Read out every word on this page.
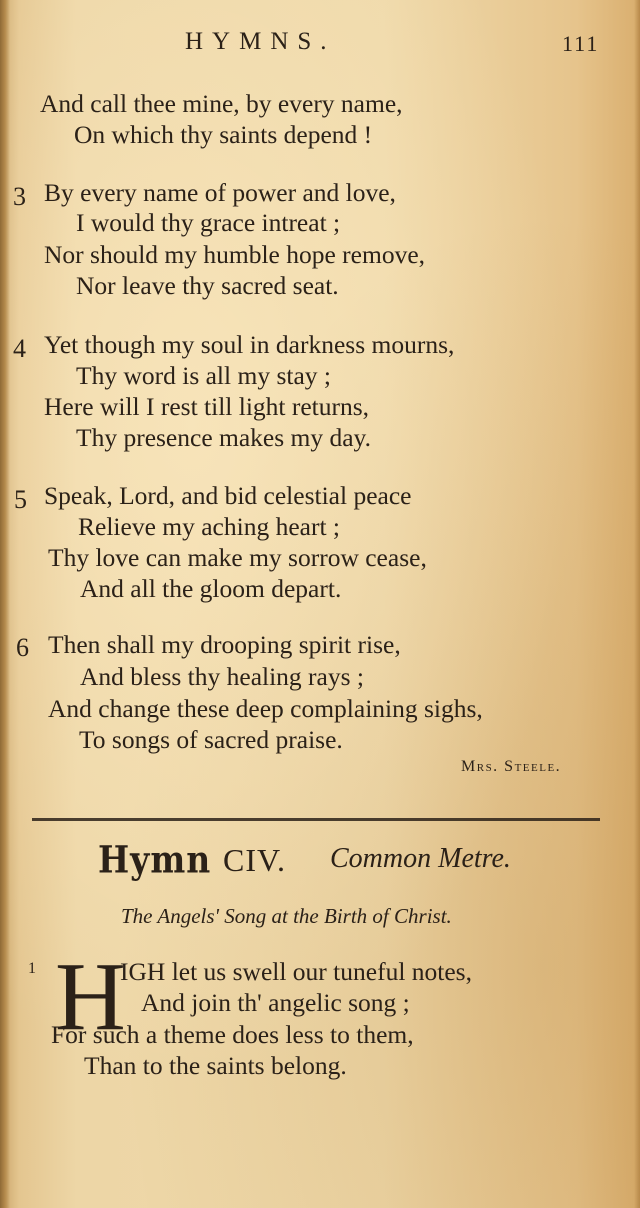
HYMNS.	111
And call thee mine, by every name,
On which thy saints depend !
3 By every name of power and love,
I would thy grace intreat ;
Nor should my humble hope remove,
Nor leave thy sacred seat.
4 Yet though my soul in darkness mourns,
Thy word is all my stay ;
Here will I rest till light returns,
Thy presence makes my day.
5 Speak, Lord, and bid celestial peace
Relieve my aching heart ;
Thy love can make my sorrow cease,
And all the gloom depart.
6 Then shall my drooping spirit rise,
And bless thy healing rays ;
And change these deep complaining sighs,
To songs of sacred praise.
Mrs. Steele.
Hymn CIV. Common Metre.
The Angels' Song at the Birth of Christ.
1 H
IGH let us swell our tuneful notes,
And join th' angelic song ;
For such a theme does less to them,
Than to the saints belong.
